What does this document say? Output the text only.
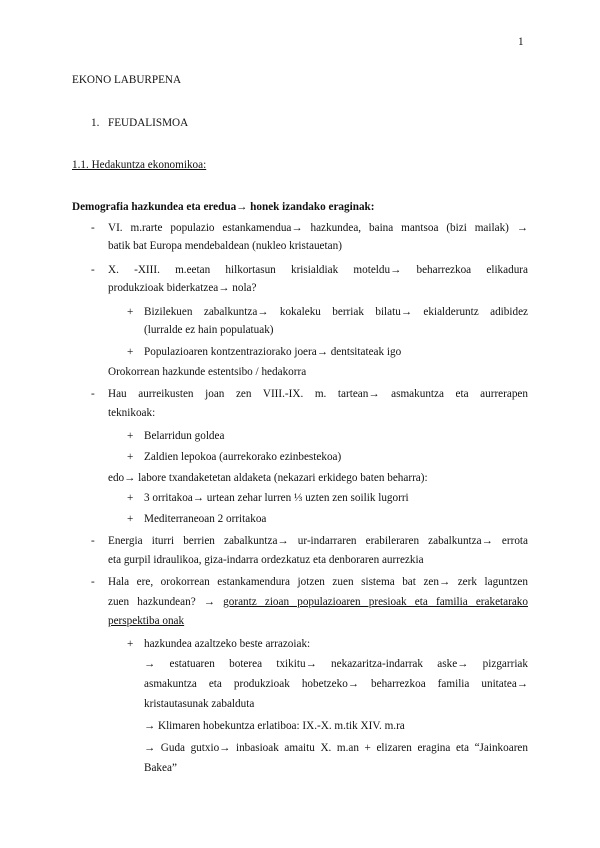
1
EKONO LABURPENA
1. FEUDALISMOA
1.1. Hedakuntza ekonomikoa:
Demografia hazkundea eta eredua→ honek izandako eraginak:
- VI. m.rarte populazio estankamendua→ hazkundea, baina mantsoa (bizi mailak) →
batik bat Europa mendebaldean (nukleo kristauetan)
- X. -XIII. m.eetan hilkortasun krisialdiak moteldu→ beharrezkoa elikadura
produkzioak biderkatzea→ nola?
+ Bizilekuen zabalkuntza→ kokaleku berriak bilatu→ ekialderuntz adibidez
(lurralde ez hain populatuak)
+ Populazioaren kontzentraziorako joera→ dentsitateak igo
Orokorrean hazkunde estentsibo / hedakorra
- Hau aurreikusten joan zen VIII.-IX. m. tartean→ asmakuntza eta aurrerapen
teknikoak:
+ Belarridun goldea
+ Zaldien lepokoa (aurrekorako ezinbestekoa)
edo→ labore txandaketetan aldaketa (nekazari erkidego baten beharra):
+ 3 orritakoa→ urtean zehar lurren ⅓ uzten zen soilik lugorri
+ Mediterraneoan 2 orritakoa
- Energia iturri berrien zabalkuntza→ ur-indarraren erabileraren zabalkuntza→ errota
eta gurpil idraulikoa, giza-indarra ordezkatuz eta denboraren aurrezkia
- Hala ere, orokorrean estankamendura jotzen zuen sistema bat zen→ zerk laguntzen
zuen hazkundean? → gorantz zioan populazioaren presioak eta familia eraketarako
perspektiba onak
+ hazkundea azaltzeko beste arrazoiak:
→ estatuaren boterea txikitu→ nekazaritza-indarrak aske→ pizgarriak
asmakuntza eta produkzioak hobetzeko→ beharrezkoa familia unitatea→
kristautasunak zabalduta
→ Klimaren hobekuntza erlatiboa: IX.-X. m.tik XIV. m.ra
→ Guda gutxio→ inbasioak amaitu X. m.an + elizaren eragina eta “Jainkoaren
Bakea”
